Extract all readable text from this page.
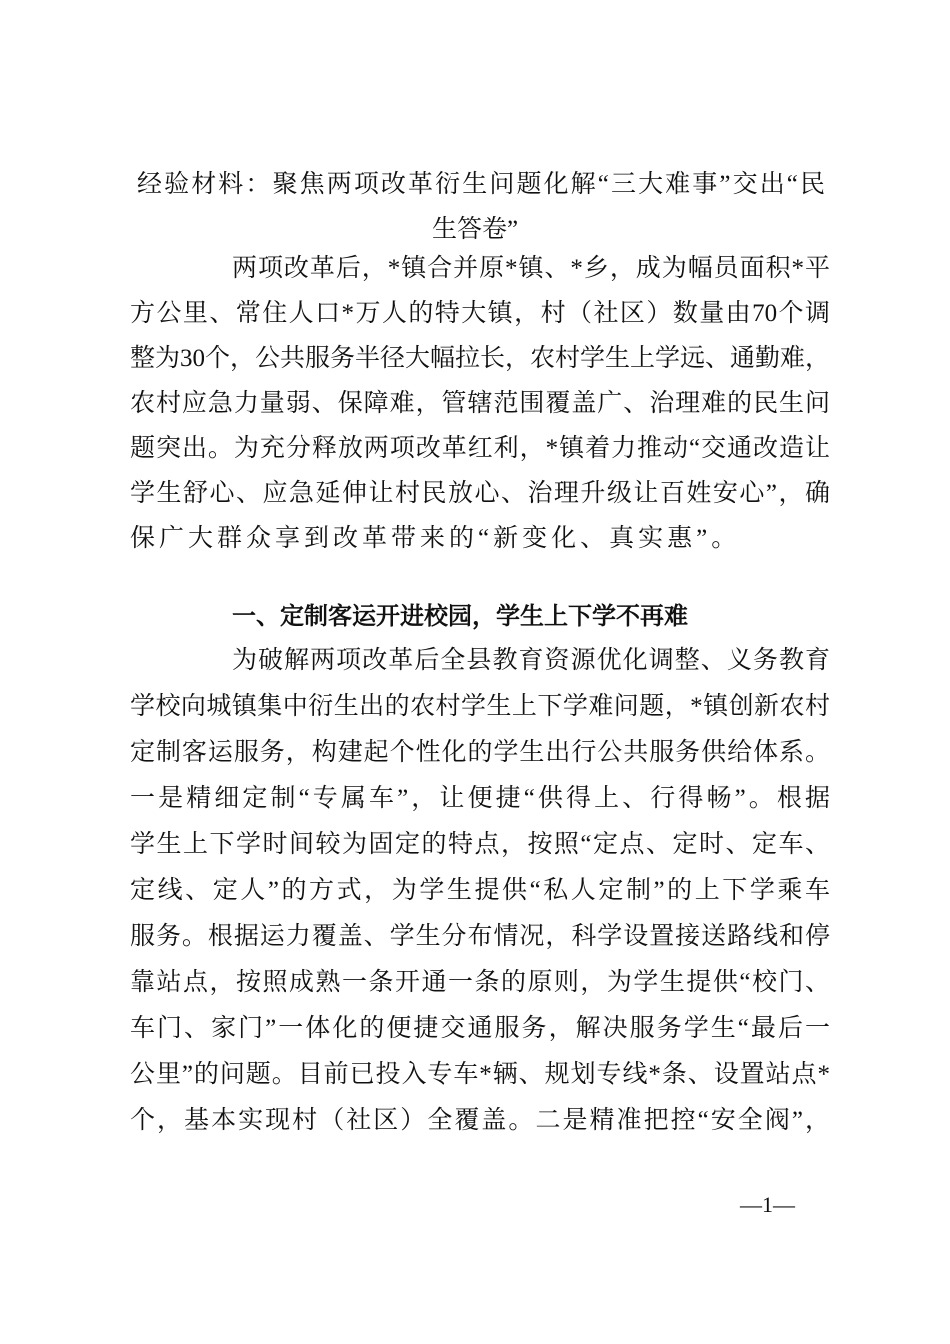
经验材料：聚焦两项改革衍生问题化解“三大难事”交出“民
生答卷”
两项改革后，*镇合并原*镇、*乡，成为幅员面积*平
方公里、常住人口*万人的特大镇，村（社区）数量由70个调
整为30个，公共服务半径大幅拉长，农村学生上学远、通勤难，
农村应急力量弱、保障难，管辖范围覆盖广、治理难的民生问
题突出。为充分释放两项改革红利，*镇着力推动“交通改造让
学生舒心、应急延伸让村民放心、治理升级让百姓安心”，确
保广大群众享到改革带来的“新变化、真实惠”。
一、定制客运开进校园，学生上下学不再难
为破解两项改革后全县教育资源优化调整、义务教育
学校向城镇集中衍生出的农村学生上下学难问题，*镇创新农村
定制客运服务，构建起个性化的学生出行公共服务供给体系。
一是精细定制“专属车”，让便捷“供得上、行得畅”。根据
学生上下学时间较为固定的特点，按照“定点、定时、定车、
定线、定人”的方式，为学生提供“私人定制”的上下学乘车
服务。根据运力覆盖、学生分布情况，科学设置接送路线和停
靠站点，按照成熟一条开通一条的原则，为学生提供“校门、
车门、家门”一体化的便捷交通服务，解决服务学生“最后一
公里”的问题。目前已投入专车*辆、规划专线*条、设置站点*
个，基本实现村（社区）全覆盖。二是精准把控“安全阀”，
—1—
